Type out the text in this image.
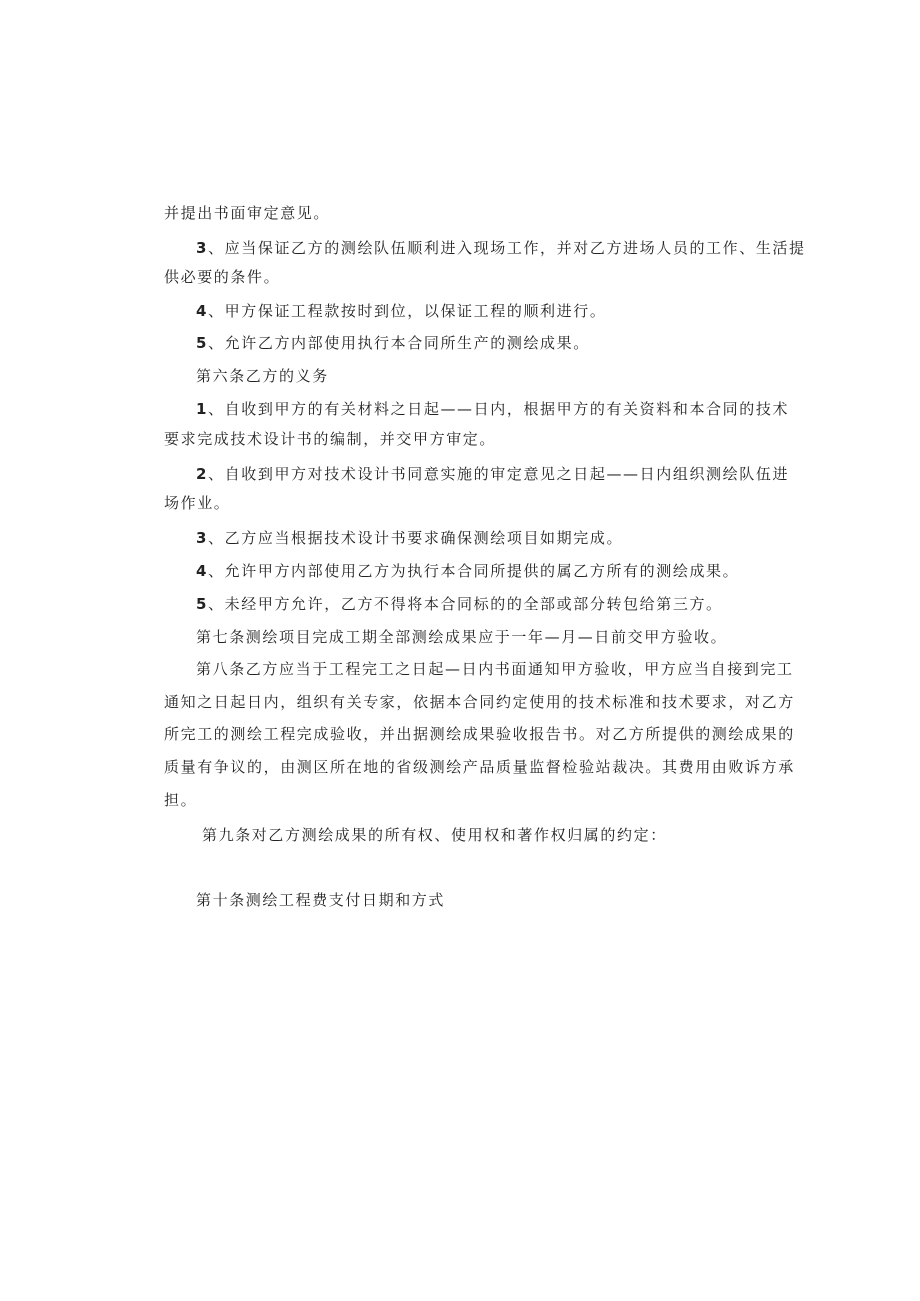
并提出书面审定意见。
3、应当保证乙方的测绘队伍顺利进入现场工作，并对乙方进场人员的工作、生活提
供必要的条件。
4、甲方保证工程款按时到位，以保证工程的顺利进行。
5、允许乙方内部使用执行本合同所生产的测绘成果。
第六条乙方的义务
1、自收到甲方的有关材料之日起——日内，根据甲方的有关资料和本合同的技术
要求完成技术设计书的编制，并交甲方审定。
2、自收到甲方对技术设计书同意实施的审定意见之日起——日内组织测绘队伍进
场作业。
3、乙方应当根据技术设计书要求确保测绘项目如期完成。
4、允许甲方内部使用乙方为执行本合同所提供的属乙方所有的测绘成果。
5、未经甲方允许，乙方不得将本合同标的的全部或部分转包给第三方。
第七条测绘项目完成工期全部测绘成果应于一年—月—日前交甲方验收。
第八条乙方应当于工程完工之日起—日内书面通知甲方验收，甲方应当自接到完工
通知之日起日内，组织有关专家，依据本合同约定使用的技术标准和技术要求，对乙方
所完工的测绘工程完成验收，并出据测绘成果验收报告书。对乙方所提供的测绘成果的
质量有争议的，由测区所在地的省级测绘产品质量监督检验站裁决。其费用由败诉方承
担。
第九条对乙方测绘成果的所有权、使用权和著作权归属的约定：
第十条测绘工程费支付日期和方式
